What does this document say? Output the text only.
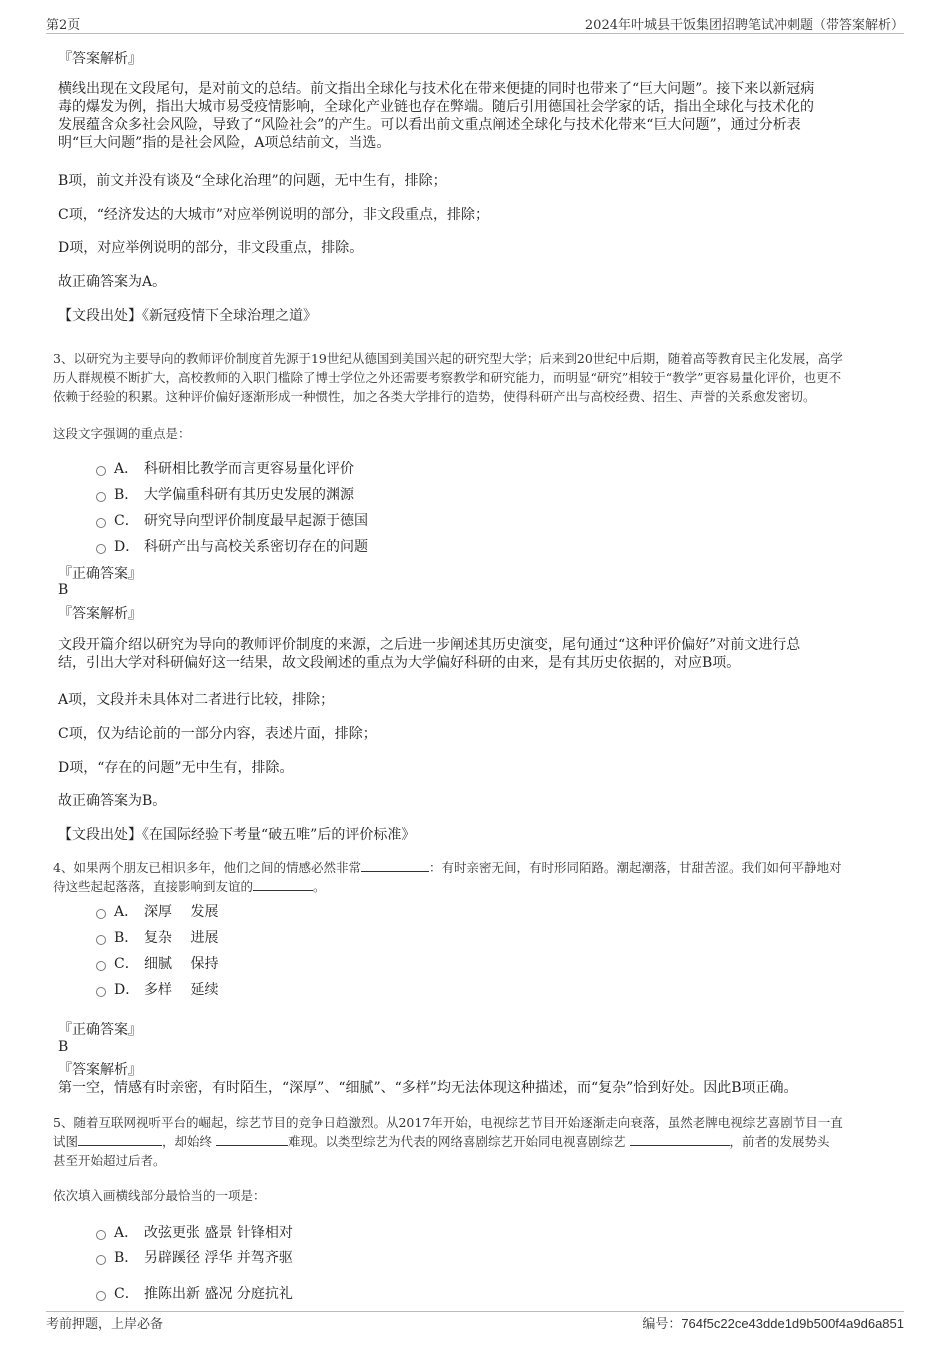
第2页	2024年叶城县干饭集团招聘笔试冲刺题（带答案解析）
『答案解析』
横线出现在文段尾句，是对前文的总结。前文指出全球化与技术化在带来便捷的同时也带来了“巨大问题”。接下来以新冠病
毒的爆发为例，指出大城市易受疫情影响，全球化产业链也存在弊端。随后引用德国社会学家的话，指出全球化与技术化的
发展蕴含众多社会风险，导致了“风险社会”的产生。可以看出前文重点阐述全球化与技术化带来“巨大问题”，通过分析表
明“巨大问题”指的是社会风险，A项总结前文，当选。
B项，前文并没有谈及“全球化治理”的问题，无中生有，排除；
C项，“经济发达的大城市”对应举例说明的部分，非文段重点，排除；
D项，对应举例说明的部分，非文段重点，排除。
故正确答案为A。
【文段出处】《新冠疫情下全球治理之道》
3、以研究为主要导向的教师评价制度首先源于19世纪从德国到美国兴起的研究型大学；后来到20世纪中后期，随着高等教育民主化发展，高学
历人群规模不断扩大，高校教师的入职门槛除了博士学位之外还需要考察教学和研究能力，而明显“研究”相较于“教学”更容易量化评价，也更不
依赖于经验的积累。这种评价偏好逐渐形成一种惯性，加之各类大学排行的造势，使得科研产出与高校经费、招生、声誉的关系愈发密切。
这段文字强调的重点是：
A． 科研相比教学而言更容易量化评价
B． 大学偏重科研有其历史发展的渊源
C． 研究导向型评价制度最早起源于德国
D． 科研产出与高校关系密切存在的问题
『正确答案』
B
『答案解析』
文段开篇介绍以研究为导向的教师评价制度的来源，之后进一步阐述其历史演变，尾句通过“这种评价偏好”对前文进行总
结，引出大学对科研偏好这一结果，故文段阐述的重点为大学偏好科研的由来，是有其历史依据的，对应B项。
A项，文段并未具体对二者进行比较，排除；
C项，仅为结论前的一部分内容，表述片面，排除；
D项，“存在的问题”无中生有，排除。
故正确答案为B。
【文段出处】《在国际经验下考量“破五唯”后的评价标准》
4、如果两个朋友已相识多年，他们之间的情感必然非常	：有时亲密无间，有时形同陌路。潮起潮落，甘甜苦涩。我们如何平静地对
待这些起起落落，直接影响到友谊的	。
A． 深厚　 发展
B． 复杂　 进展
C． 细腻　 保持
D． 多样　 延续
『正确答案』
B
『答案解析』
第一空，情感有时亲密，有时陌生，“深厚”、“细腻”、“多样”均无法体现这种描述，而“复杂”恰到好处。因此B项正确。
5、随着互联网视听平台的崛起，综艺节目的竞争日趋激烈。从2017年开始，电视综艺节目开始逐渐走向衰落，虽然老牌电视综艺喜剧节目一直
试图	，却始终	难现。以类型综艺为代表的网络喜剧综艺开始同电视喜剧综艺	，前者的发展势头
甚至开始超过后者。
依次填入画横线部分最恰当的一项是：
A． 改弦更张 盛景 针锋相对
B． 另辟蹊径 浮华 并驾齐驱
C． 推陈出新 盛况 分庭抗礼
考前押题，上岸必备	编号：764f5c22ce43dde1d9b500f4a9d6a851
